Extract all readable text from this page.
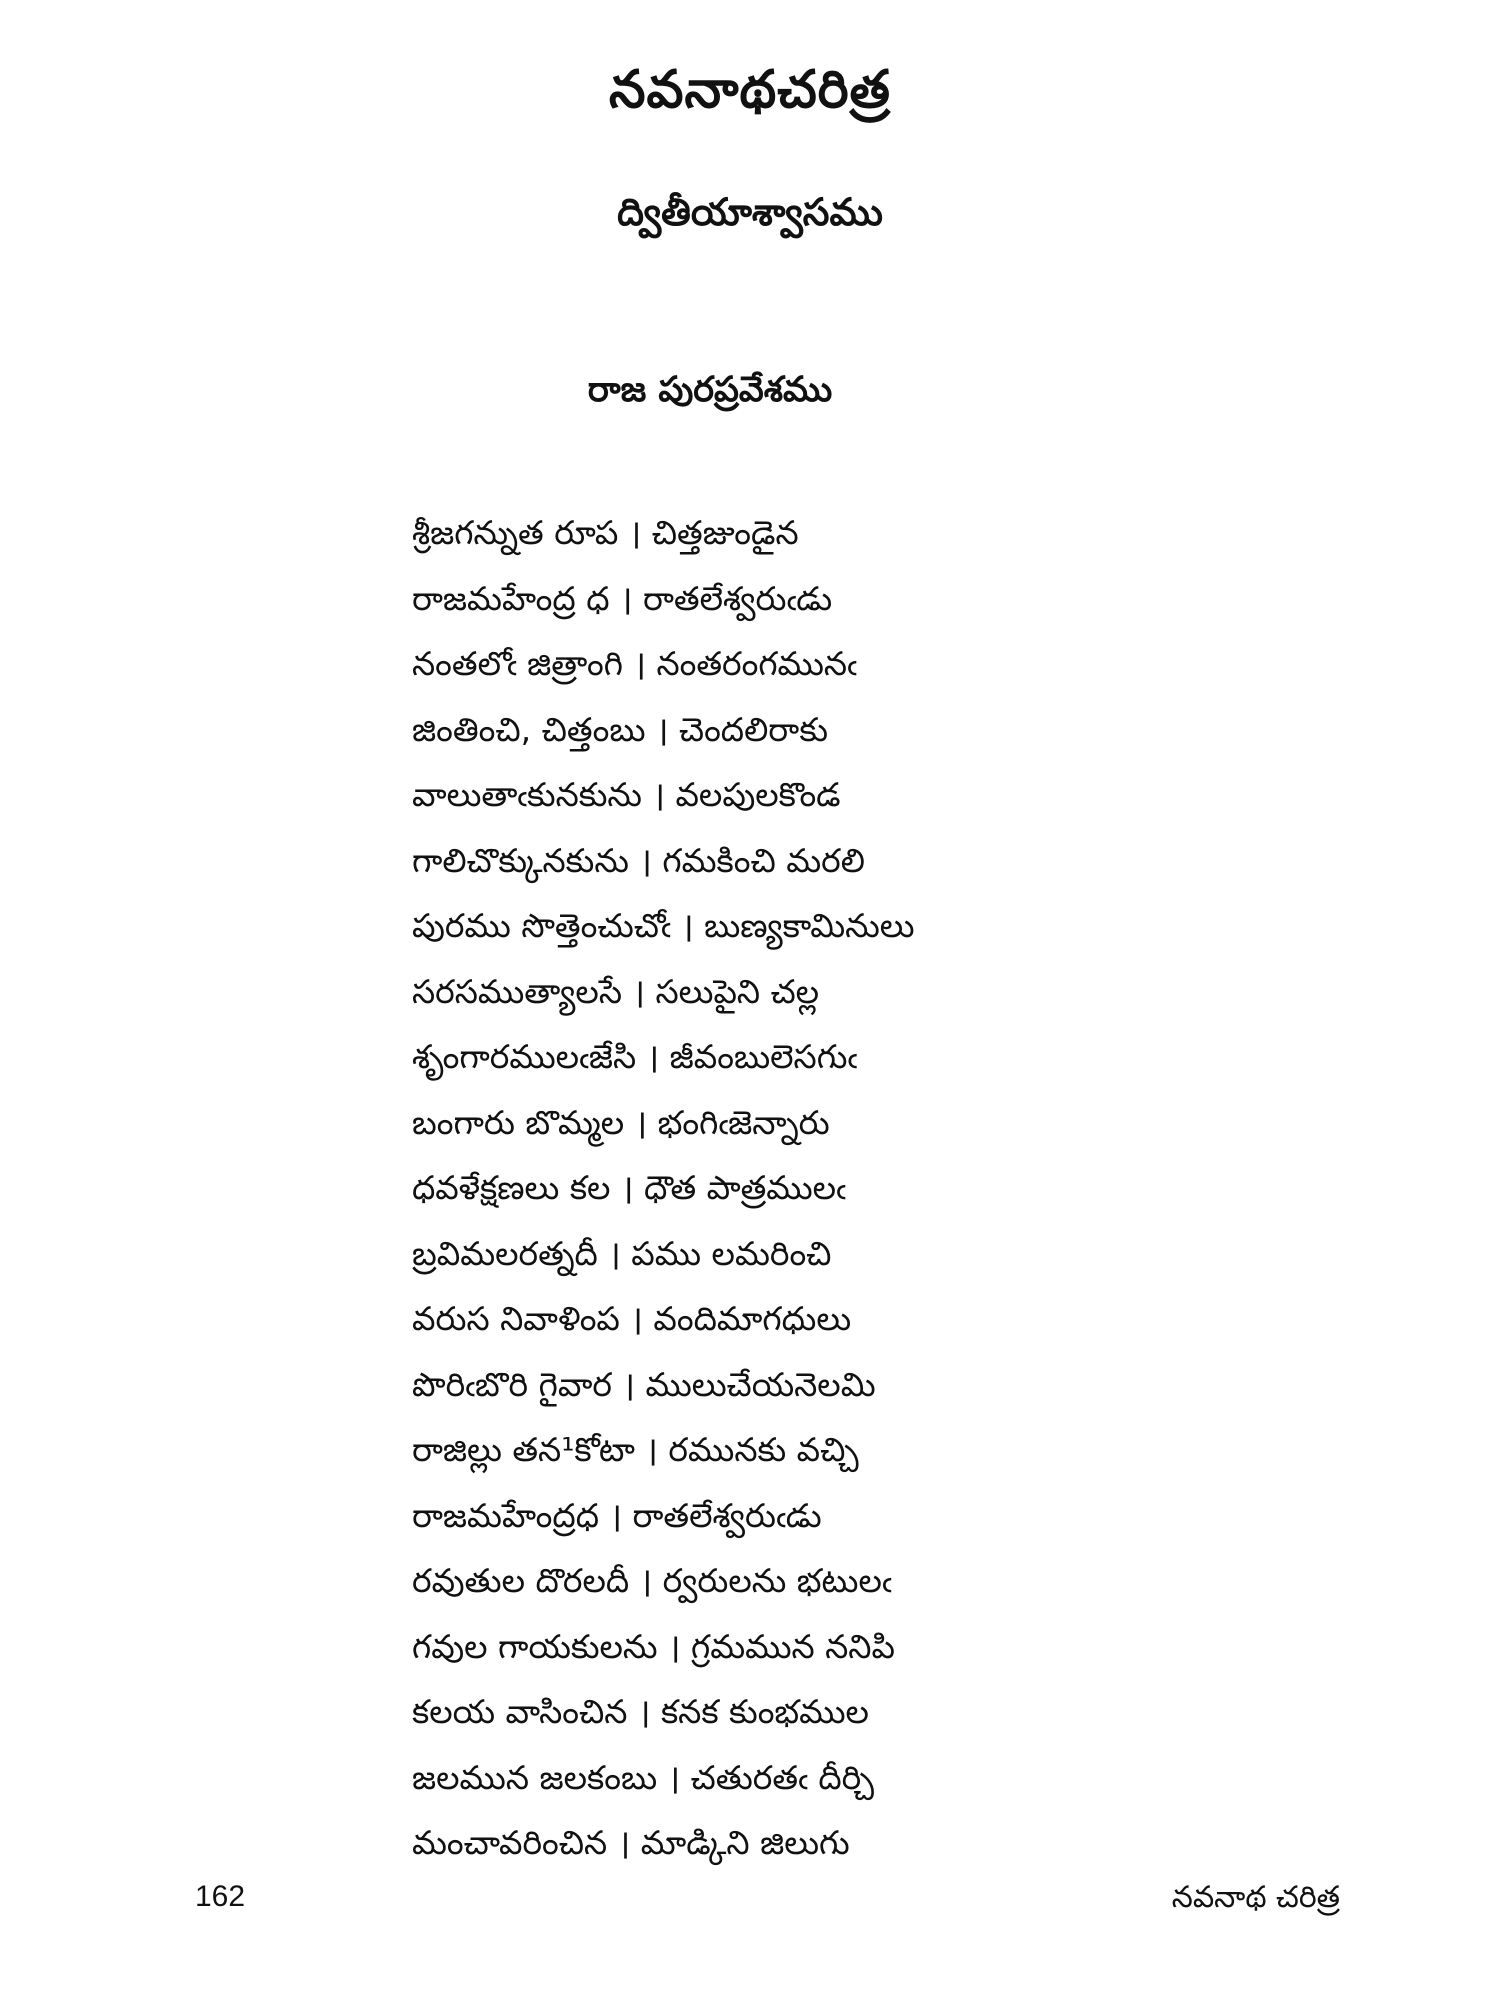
నవనాథచరిత్ర
ద్వితీయాశ్వాసము
రాజ పురప్రవేశము
శ్రీజగన్నుత రూప । చిత్తజుండైన
రాజమహేంద్ర ధ । రాతలేశ్వరుఁడు
నంతలోఁ జిత్రాంగి । నంతరంగమునఁ
జింతించి, చిత్తంబు । చెందలిరాకు
వాలుతాఁకునకును । వలపులకొండ
గాలిచొక్కునకును । గమకించి మరలి
పురము సొత్తెంచుచోఁ । బుణ్యకామినులు
సరసముత్యాలసే । సలుపైని చల్ల
శృంగారములఁజేసి । జీవంబులెసగుఁ
బంగారు బొమ్మల । భంగిఁజెన్నారు
ధవళేక్షణలు కల । ధౌత పాత్రములఁ
బ్రవిమలరత్నదీ । పము లమరించి
వరుస నివాళింప । వందిమాగధులు
పొరిఁబొరి గైవార । ములుచేయనెలమి
రాజిల్లు తన¹కోటా । రమునకు వచ్చి
రాజమహేంద్రధ । రాతలేశ్వరుఁడు
రవుతుల దొరలదీ । ర్వరులను భటులఁ
గవుల గాయకులను । గ్రమమున ననిపి
కలయ వాసించిన । కనక కుంభముల
జలమున జలకంబు । చతురతఁ దీర్చి
మంచావరించిన । మాడ్కిని జిలుగు
162	నవనాథ చరిత్ర
